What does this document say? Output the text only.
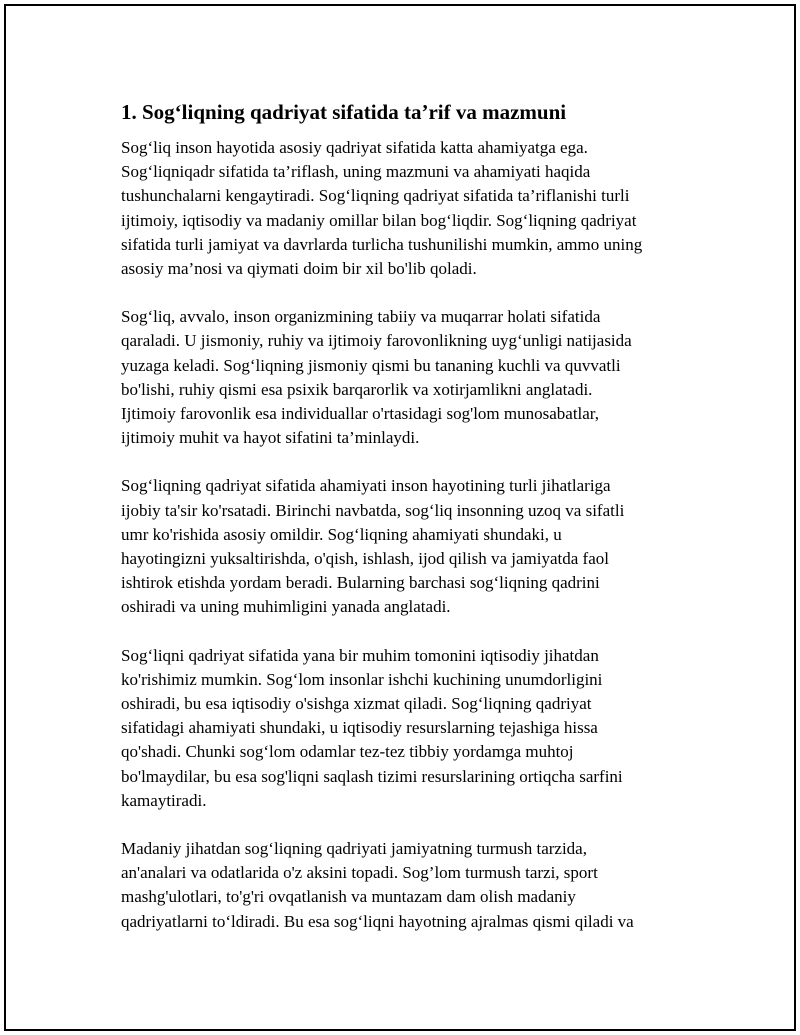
1. Sog‘liqning qadriyat sifatida ta’rif va mazmuni

Sog‘liq inson hayotida asosiy qadriyat sifatida katta ahamiyatga ega.
Sog‘liqniqadr sifatida ta’riflash, uning mazmuni va ahamiyati haqida
tushunchalarni kengaytiradi. Sog‘liqning qadriyat sifatida ta’riflanishi turli
ijtimoiy, iqtisodiy va madaniy omillar bilan bog‘liqdir. Sog‘liqning qadriyat
sifatida turli jamiyat va davrlarda turlicha tushunilishi mumkin, ammo uning
asosiy ma’nosi va qiymati doim bir xil bo'lib qoladi.

Sog‘liq, avvalo, inson organizmining tabiiy va muqarrar holati sifatida
qaraladi. U jismoniy, ruhiy va ijtimoiy farovonlikning uyg‘unligi natijasida
yuzaga keladi. Sog‘liqning jismoniy qismi bu tananing kuchli va quvvatli
bo'lishi, ruhiy qismi esa psixik barqarorlik va xotirjamlikni anglatadi.
Ijtimoiy farovonlik esa individuallar o'rtasidagi sog'lom munosabatlar,
ijtimoiy muhit va hayot sifatini ta’minlaydi.

Sog‘liqning qadriyat sifatida ahamiyati inson hayotining turli jihatlariga
ijobiy ta'sir ko'rsatadi. Birinchi navbatda, sog‘liq insonning uzoq va sifatli
umr ko'rishida asosiy omildir. Sog‘liqning ahamiyati shundaki, u
hayotingizni yuksaltirishda, o'qish, ishlash, ijod qilish va jamiyatda faol
ishtirok etishda yordam beradi. Bularning barchasi sog‘liqning qadrini
oshiradi va uning muhimligini yanada anglatadi.

Sog‘liqni qadriyat sifatida yana bir muhim tomonini iqtisodiy jihatdan
ko'rishimiz mumkin. Sog‘lom insonlar ishchi kuchining unumdorligini
oshiradi, bu esa iqtisodiy o'sishga xizmat qiladi. Sog‘liqning qadriyat
sifatidagi ahamiyati shundaki, u iqtisodiy resurslarning tejashiga hissa
qo'shadi. Chunki sog‘lom odamlar tez-tez tibbiy yordamga muhtoj
bo'lmaydilar, bu esa sog'liqni saqlash tizimi resurslarining ortiqcha sarfini
kamaytiradi.

Madaniy jihatdan sog‘liqning qadriyati jamiyatning turmush tarzida,
an'analari va odatlarida o'z aksini topadi. Sog’lom turmush tarzi, sport
mashg'ulotlari, to'g'ri ovqatlanish va muntazam dam olish madaniy
qadriyatlarni to‘ldiradi. Bu esa sog‘liqni hayotning ajralmas qismi qiladi va
